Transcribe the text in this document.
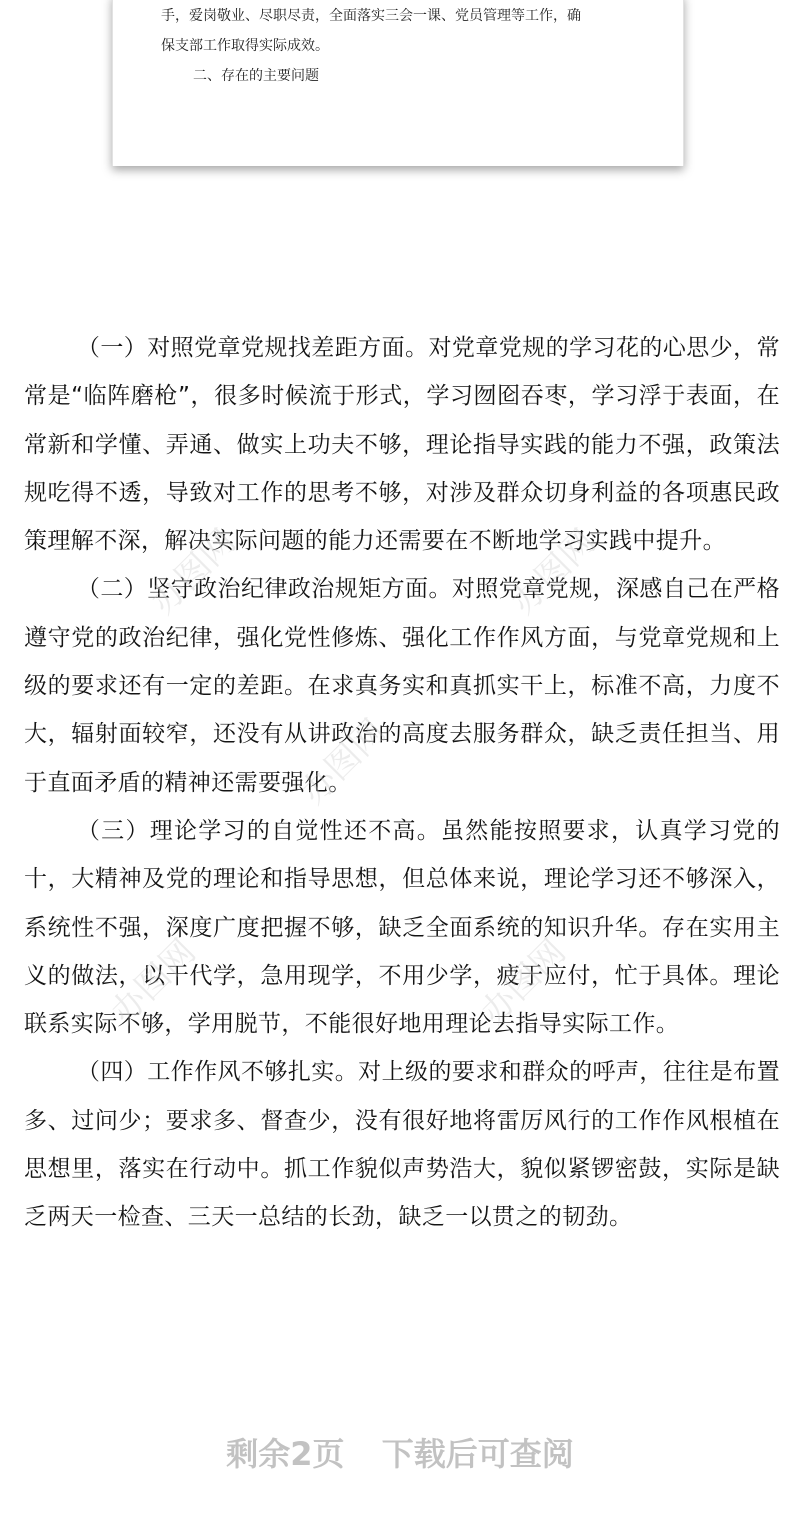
手，爱岗敬业、尽职尽责，全面落实三会一课、党员管理等工作，确

保支部工作取得实际成效。

二、存在的主要问题

（一）对照党章党规找差距方面。对党章党规的学习花的心思少，常常是“临阵磨枪”，很多时候流于形式，学习囫囵吞枣，学习浮于表面，在常新和学懂、弄通、做实上功夫不够，理论指导实践的能力不强，政策法规吃得不透，导致对工作的思考不够，对涉及群众切身利益的各项惠民政策理解不深，解决实际问题的能力还需要在不断地学习实践中提升。

（二）坚守政治纪律政治规矩方面。对照党章党规，深感自己在严格遵守党的政治纪律，强化党性修炼、强化工作作风方面，与党章党规和上级的要求还有一定的差距。在求真务实和真抓实干上，标准不高，力度不大，辐射面较窄，还没有从讲政治的高度去服务群众，缺乏责任担当、用于直面矛盾的精神还需要强化。

（三）理论学习的自觉性还不高。虽然能按照要求，认真学习党的十，大精神及党的理论和指导思想，但总体来说，理论学习还不够深入，系统性不强，深度广度把握不够，缺乏全面系统的知识升华。存在实用主义的做法，以干代学，急用现学，不用少学，疲于应付，忙于具体。理论联系实际不够，学用脱节，不能很好地用理论去指导实际工作。

（四）工作作风不够扎实。对上级的要求和群众的呼声，往往是布置多、过问少；要求多、督查少，没有很好地将雷厉风行的工作作风根植在思想里，落实在行动中。抓工作貌似声势浩大，貌似紧锣密鼓，实际是缺乏两天一检查、三天一总结的长劲，缺乏一以贯之的韧劲。

办图网	办图网
办图网
办图网
办图网

剩余2页 下载后可查阅
